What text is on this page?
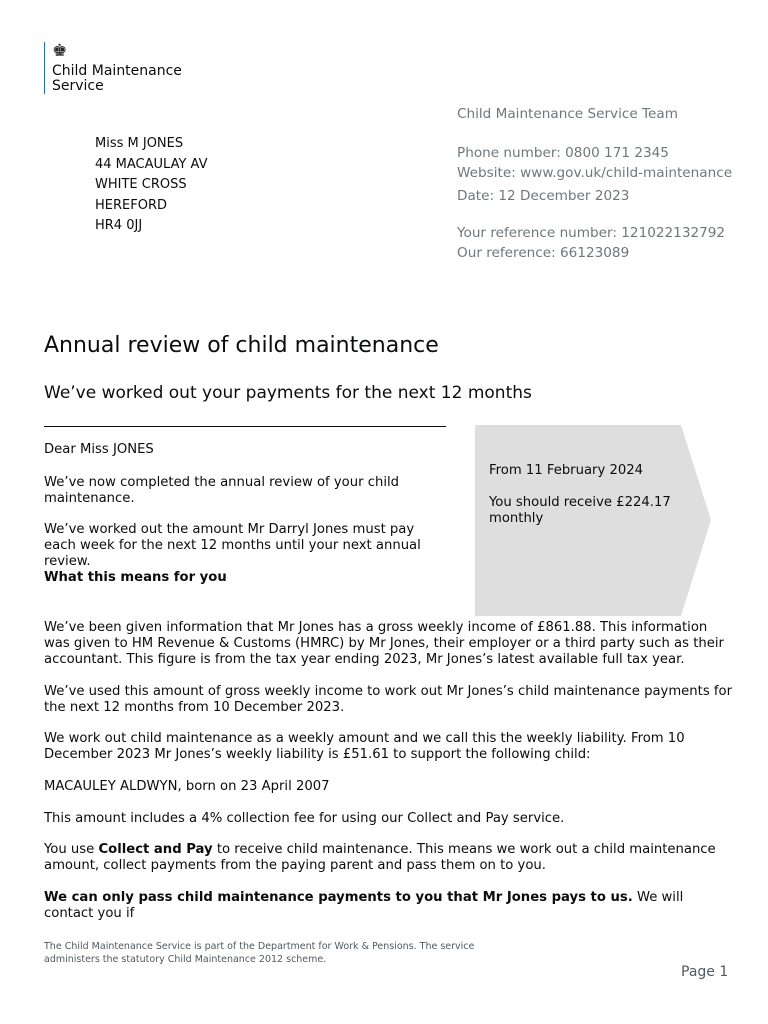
♚
Child Maintenance
Service
Miss M JONES
44 MACAULAY AV
WHITE CROSS
HEREFORD
HR4 0JJ
Child Maintenance Service Team
Phone number: 0800 171 2345
Website: www.gov.uk/child-maintenance
Date: 12 December 2023
Your reference number: 121022132792
Our reference: 66123089
Annual review of child maintenance
We’ve worked out your payments for the next 12 months
From 11 February 2024
You should receive £224.17 monthly

Dear Miss JONES

We’ve now completed the annual review of your child maintenance.

We’ve worked out the amount Mr Darryl Jones must pay each week for the next 12 months until your next annual review.

What this means for you

We’ve been given information that Mr Jones has a gross weekly income of £861.88. This information was given to HM Revenue & Customs (HMRC) by Mr Jones, their employer or a third party such as their accountant. This figure is from the tax year ending 2023, Mr Jones’s latest available full tax year.

We’ve used this amount of gross weekly income to work out Mr Jones’s child maintenance payments for the next 12 months from 10 December 2023.

We work out child maintenance as a weekly amount and we call this the weekly liability. From 10 December 2023 Mr Jones’s weekly liability is £51.61 to support the following child:

MACAULEY ALDWYN, born on 23 April 2007

This amount includes a 4% collection fee for using our Collect and Pay service.

You use Collect and Pay to receive child maintenance. This means we work out a child maintenance amount, collect payments from the paying parent and pass them on to you.

We can only pass child maintenance payments to you that Mr Jones pays to us. We will contact you if

The Child Maintenance Service is part of the Department for Work & Pensions. The service administers the statutory Child Maintenance 2012 scheme.
Page 1
